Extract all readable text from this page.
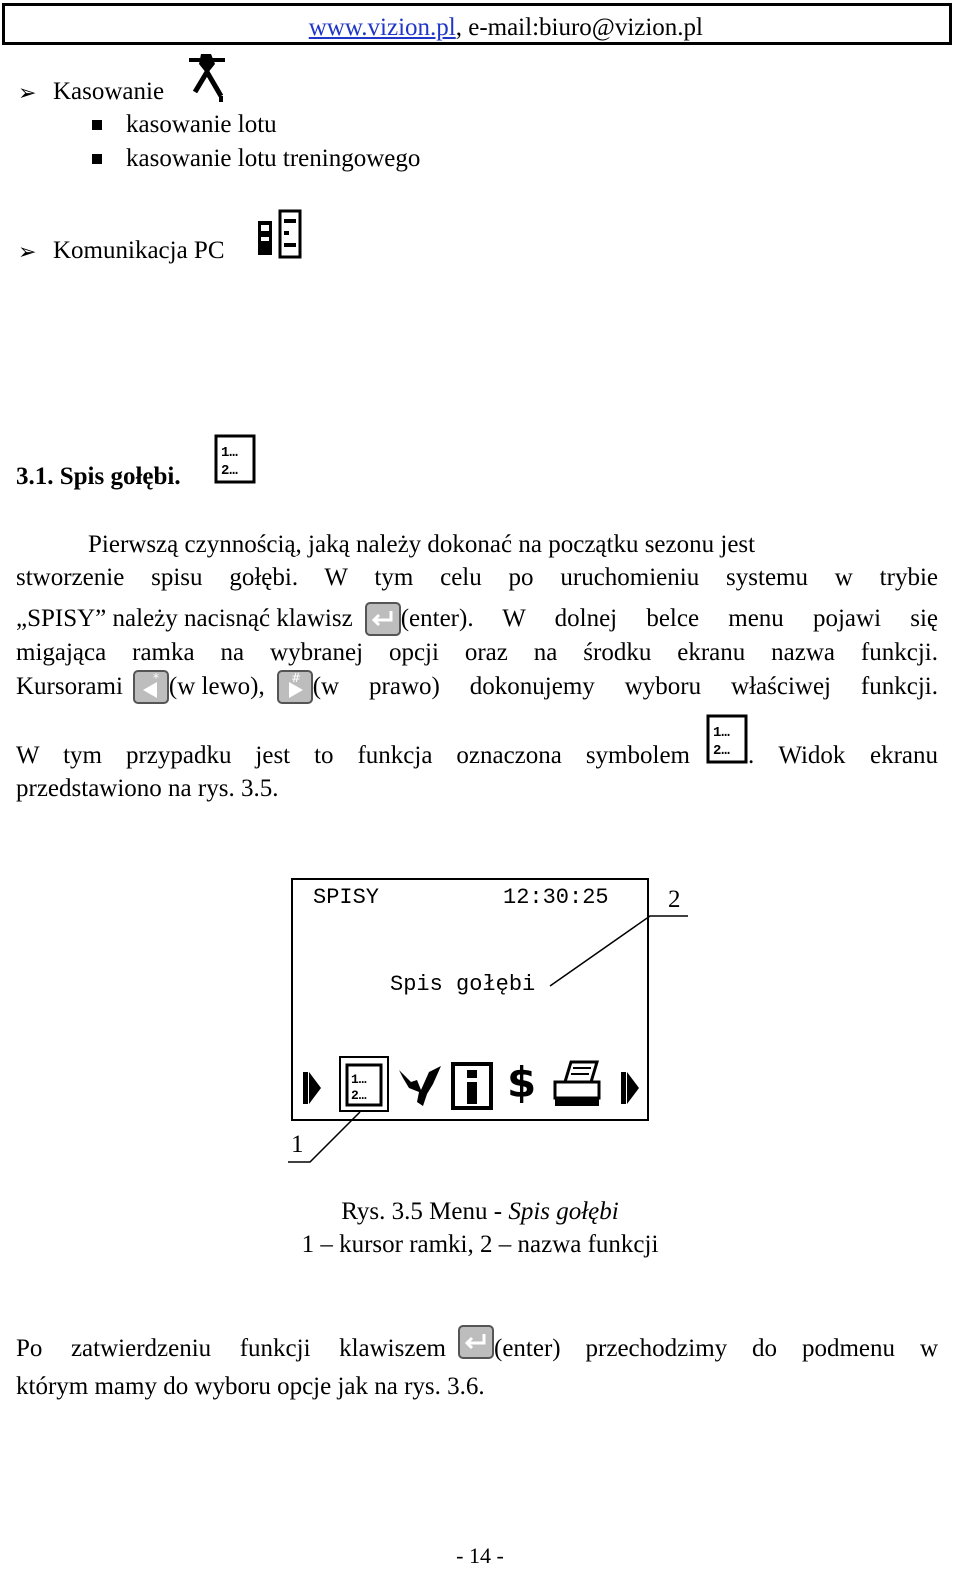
www.vizion.pl, e-mail:biuro@vizion.pl
➢ Kasowanie
kasowanie lotu
kasowanie lotu treningowego
➢ Komunikacja PC
3.1. Spis gołębi.
1…
2…
Pierwszą czynnością, jaką należy dokonać na początku sezonu jest
stworzenie spisu gołębi. W tym celu po uruchomieniu systemu w trybie
„SPISY” należy nacisnąć klawisz (enter). W dolnej belce menu pojawi się
migająca ramka na wybranej opcji oraz na środku ekranu nazwa funkcji.
Kursorami	* (w lewo), # (w prawo) dokonujemy wyboru właściwej funkcji.
W tym przypadku jest to funkcja oznaczona symbolem
1…
2… . Widok ekranu
przedstawiono na rys. 3.5.
SPISY	12:30:25
Spis gołębi
1…
2…	$
2
1
Rys. 3.5 Menu - Spis gołębi
1 – kursor ramki, 2 – nazwa funkcji
Po zatwierdzeniu funkcji klawiszem (enter) przechodzimy do podmenu w
którym mamy do wyboru opcje jak na rys. 3.6.
- 14 -
